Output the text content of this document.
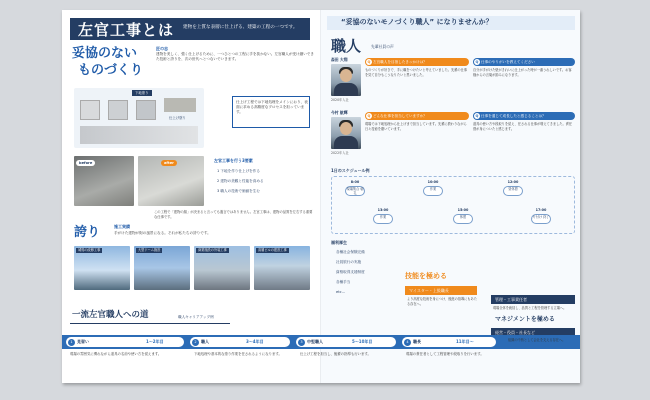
左官工事とは 建物を上質な表層に仕上げる、建築の工程の一つです。
妥協のない
ものづくり
匠の志
建物を美しく、強く仕上げるために、一つひとつの工程に手を抜かない。左官職人が受け継いできた技術と誇りを、次の世代へとつないでいきます。
下地塗り
仕上げ塗り
仕上げ工程では下地処理をメインにおり、表面に求める高精度なプロセスを担っています。
before	after	左官工事を行う3要素
1 下地を作り仕上げを作る
2 建物の美観と性能を高める
3 職人の技術で価値を生む
この工程で「建物の顔」が決まると言っても過言ではありません。左官工事は、建物の品質を左右する重要な仕事です。
誇り	施工実績
手がけた建物が街の風景になる。それが私たちの誇りです。
城郭の改修工事	大型ドーム施設	商業施設の外装工事	高層ビルの建設工事
一流左官職人への道	職人キャリアアップ例
“妥協のないモノづくり職人” になりませんか？
職人	先輩社員の声
森田 大翔
2020年入社
Q 左官職人を目指したきっかけは？
ものづくりが好きで、手に職をつけたいと考えていました。先輩の仕事を見て自分もこうなりたいと思いました。
Q 仕事のやりがいを教えてください
自分が手がけた壁がきれいに仕上がった時が一番うれしいです。お客様からの言葉が励みになります。
今村 航輝
2022年入社
Q どんな仕事を担当していますか？
現場では下地処理から仕上げまで担当しています。先輩に教わりながら日々技術を磨いています。
Q 仕事を通じて成長したと感じることは？
道具の使い方や段取りを覚え、任される仕事が増えてきました。責任感が身についたと感じます。
1日のスケジュール例
8:00
現場集合 朝礼
10:00
作業
12:00
昼休憩
13:00
作業
15:00
休憩
17:00
片付け 終了
福利厚生
各種社会保険完備
社員旅行の実施
資格取得支援制度
各種手当
etc...
技能を極める
マイスター・上級職長
より高度な技術を身につけ、後進の指導にもあたる存在へ。
管理・工事責任者
現場全体を統括し、品質と工程を管理する立場へ。
マネジメントを極める
経営・役員・社長など
1	見習い	1〜2年目	2	職人	3〜4年目	3	中堅職人	5〜10年目	4	職長	11年目〜
現場の雰囲気に慣れながら道具の名前や使い方を覚えます。	下地処理や基本的な塗り作業を任されるようになります。	仕上げ工程を担当し、後輩の指導も行います。	現場の責任者として工程管理や段取りを行います。
組織の中核として会社を支える存在へ。
